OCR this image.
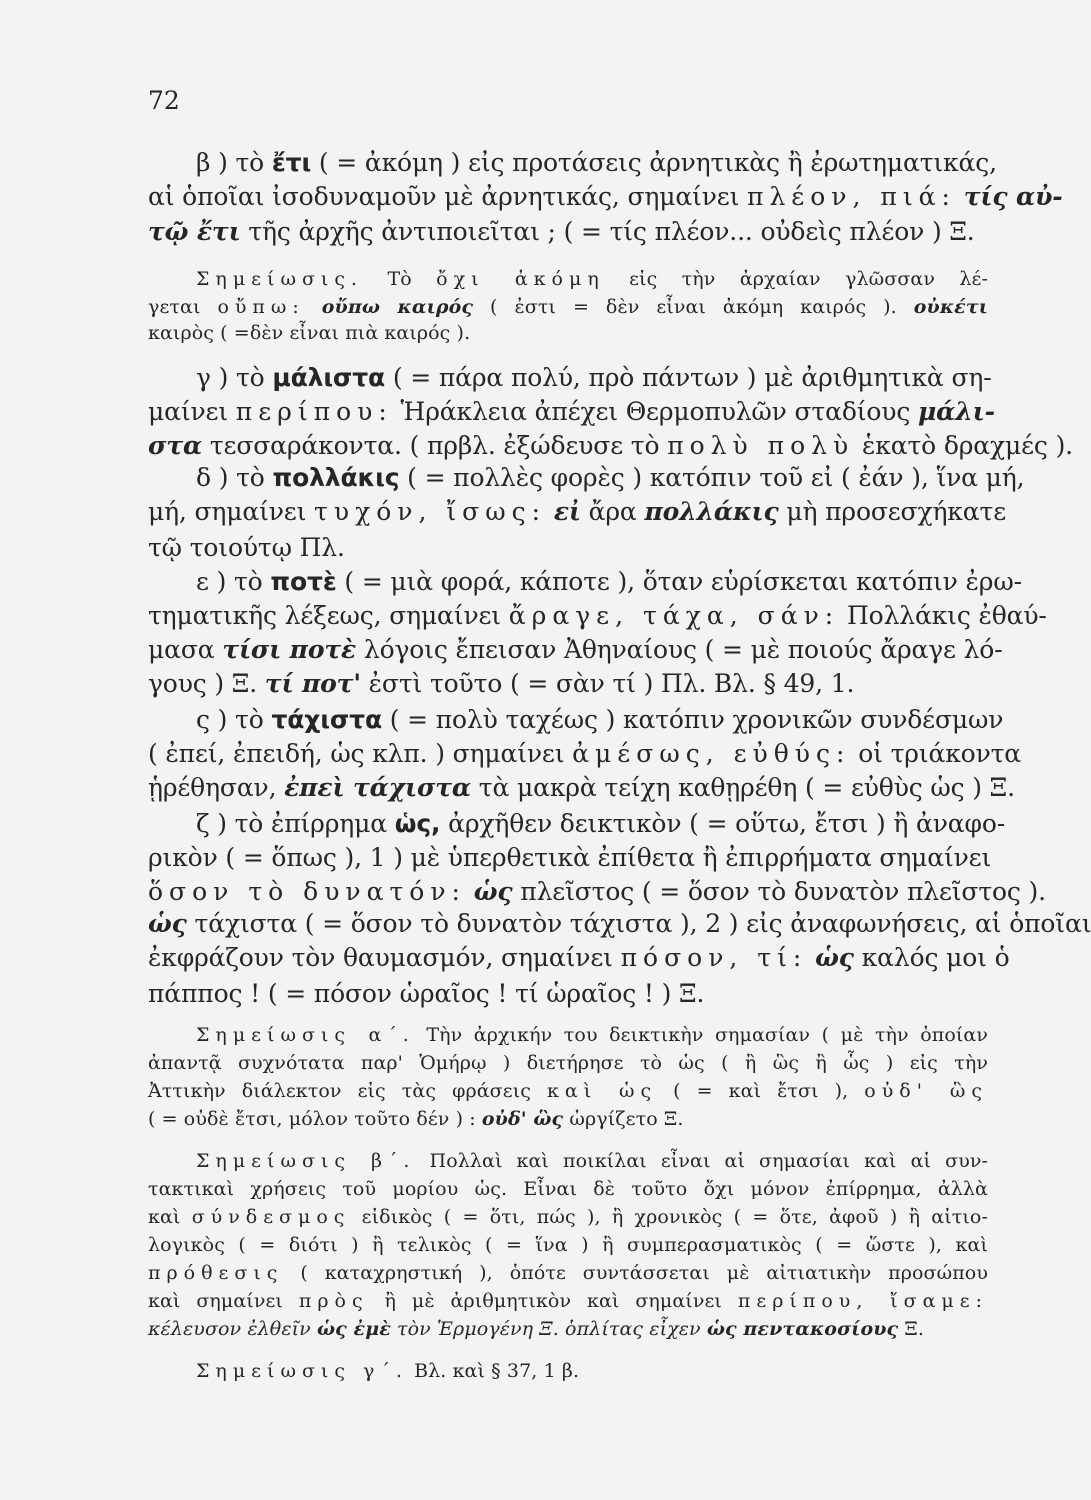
72
β ) τὸ ἔτι ( = ἀκόμη ) εἰς προτάσεις ἀρνητικὰς ἢ ἐρωτηματικάς,
αἱ ὁποῖαι ἰσοδυναμοῦν μὲ ἀρνητικάς, σημαίνει πλέον, πιά: τίς αὐ-
τῷ ἔτι τῆς ἀρχῆς ἀντιποιεῖται ; ( = τίς πλέον... οὐδεὶς πλέον ) Ξ.
Σημείωσις. Τὸ ὄχι ἀκόμη εἰς τὴν ἀρχαίαν γλῶσσαν λέ-
γεται οὔπω: οὔπω καιρός ( ἐστι = δὲν εἶναι ἀκόμη καιρός ). οὐκέτι
καιρὸς ( =δὲν εἶναι πιὰ καιρός ).
γ ) τὸ μάλιστα ( = πάρα πολύ, πρὸ πάντων ) μὲ ἀριθμητικὰ ση-
μαίνει περίπου: Ἡράκλεια ἀπέχει Θερμοπυλῶν σταδίους μάλι-
στα τεσσαράκοντα. ( πρβλ. ἐξώδευσε τὸ πολὺ πολὺ ἑκατὸ δραχμές ).
δ ) τὸ πολλάκις ( = πολλὲς φορὲς ) κατόπιν τοῦ εἰ ( ἐάν ), ἵνα μή,
μή, σημαίνει τυχόν, ἴσως: εἰ ἄρα πολλάκις μὴ προσεσχήκατε
τῷ τοιούτῳ Πλ.
ε ) τὸ ποτὲ ( = μιὰ φορά, κάποτε ), ὅταν εὑρίσκεται κατόπιν ἐρω-
τηματικῆς λέξεως, σημαίνει ἄραγε, τάχα, σάν: Πολλάκις ἐθαύ-
μασα τίσι ποτὲ λόγοις ἔπεισαν Ἀθηναίους ( = μὲ ποιούς ἄραγε λό-
γους ) Ξ. τί ποτ' ἐστὶ τοῦτο ( = σὰν τί ) Πλ. Βλ. § 49, 1.
ς ) τὸ τάχιστα ( = πολὺ ταχέως ) κατόπιν χρονικῶν συνδέσμων
( ἐπεί, ἐπειδή, ὡς κλπ. ) σημαίνει ἀμέσως, εὐθύς: οἱ τριάκοντα
ᾑρέθησαν, ἐπεὶ τάχιστα τὰ μακρὰ τείχη καθῃρέθη ( = εὐθὺς ὡς ) Ξ.
ζ ) τὸ ἐπίρρημα ὡς, ἀρχῆθεν δεικτικὸν ( = οὕτω, ἔτσι ) ἢ ἀναφο-
ρικὸν ( = ὅπως ), 1 ) μὲ ὑπερθετικὰ ἐπίθετα ἢ ἐπιρρήματα σημαίνει
ὅσον τὸ δυνατόν: ὡς πλεῖστος ( = ὅσον τὸ δυνατὸν πλεῖστος ).
ὡς τάχιστα ( = ὅσον τὸ δυνατὸν τάχιστα ), 2 ) εἰς ἀναφωνήσεις, αἱ ὁποῖαι
ἐκφράζουν τὸν θαυμασμόν, σημαίνει πόσον, τί: ὡς καλός μοι ὁ
πάππος ! ( = πόσον ὡραῖος ! τί ὡραῖος ! ) Ξ.
Σημείωσις α΄. Τὴν ἀρχικήν του δεικτικὴν σημασίαν ( μὲ τὴν ὁποίαν
ἀπαντᾷ συχνότατα παρ' Ὁμήρῳ ) διετήρησε τὸ ὡς ( ἢ ὣς ἢ ὧς ) εἰς τὴν
Ἀττικὴν διάλεκτον εἰς τὰς φράσεις καὶ ὡς ( = καὶ ἔτσι ), οὐδ' ὣς
( = οὐδὲ ἔτσι, μόλον τοῦτο δέν ) : οὐδ' ὣς ὠργίζετο Ξ.
Σημείωσις β΄. Πολλαὶ καὶ ποικίλαι εἶναι αἱ σημασίαι καὶ αἱ συν-
τακτικαὶ χρήσεις τοῦ μορίου ὡς. Εἶναι δὲ τοῦτο ὄχι μόνον ἐπίρρημα, ἀλλὰ
καὶ σύνδεσμος εἰδικὸς ( = ὅτι, πώς ), ἢ χρονικὸς ( = ὅτε, ἀφοῦ ) ἢ αἰτιο-
λογικὸς ( = διότι ) ἢ τελικὸς ( = ἵνα ) ἢ συμπερασματικὸς ( = ὥστε ), καὶ
πρόθεσις ( καταχρηστική ), ὁπότε συντάσσεται μὲ αἰτιατικὴν προσώπου
καὶ σημαίνει πρὸς ἢ μὲ ἀριθμητικὸν καὶ σημαίνει περίπου, ἴσαμε:
κέλευσον ἐλθεῖν ὡς ἐμὲ τὸν Ἑρμογένη Ξ. ὁπλίτας εἶχεν ὡς πεντακοσίους Ξ.
Σημείωσις γ΄. Βλ. καὶ § 37, 1 β.
